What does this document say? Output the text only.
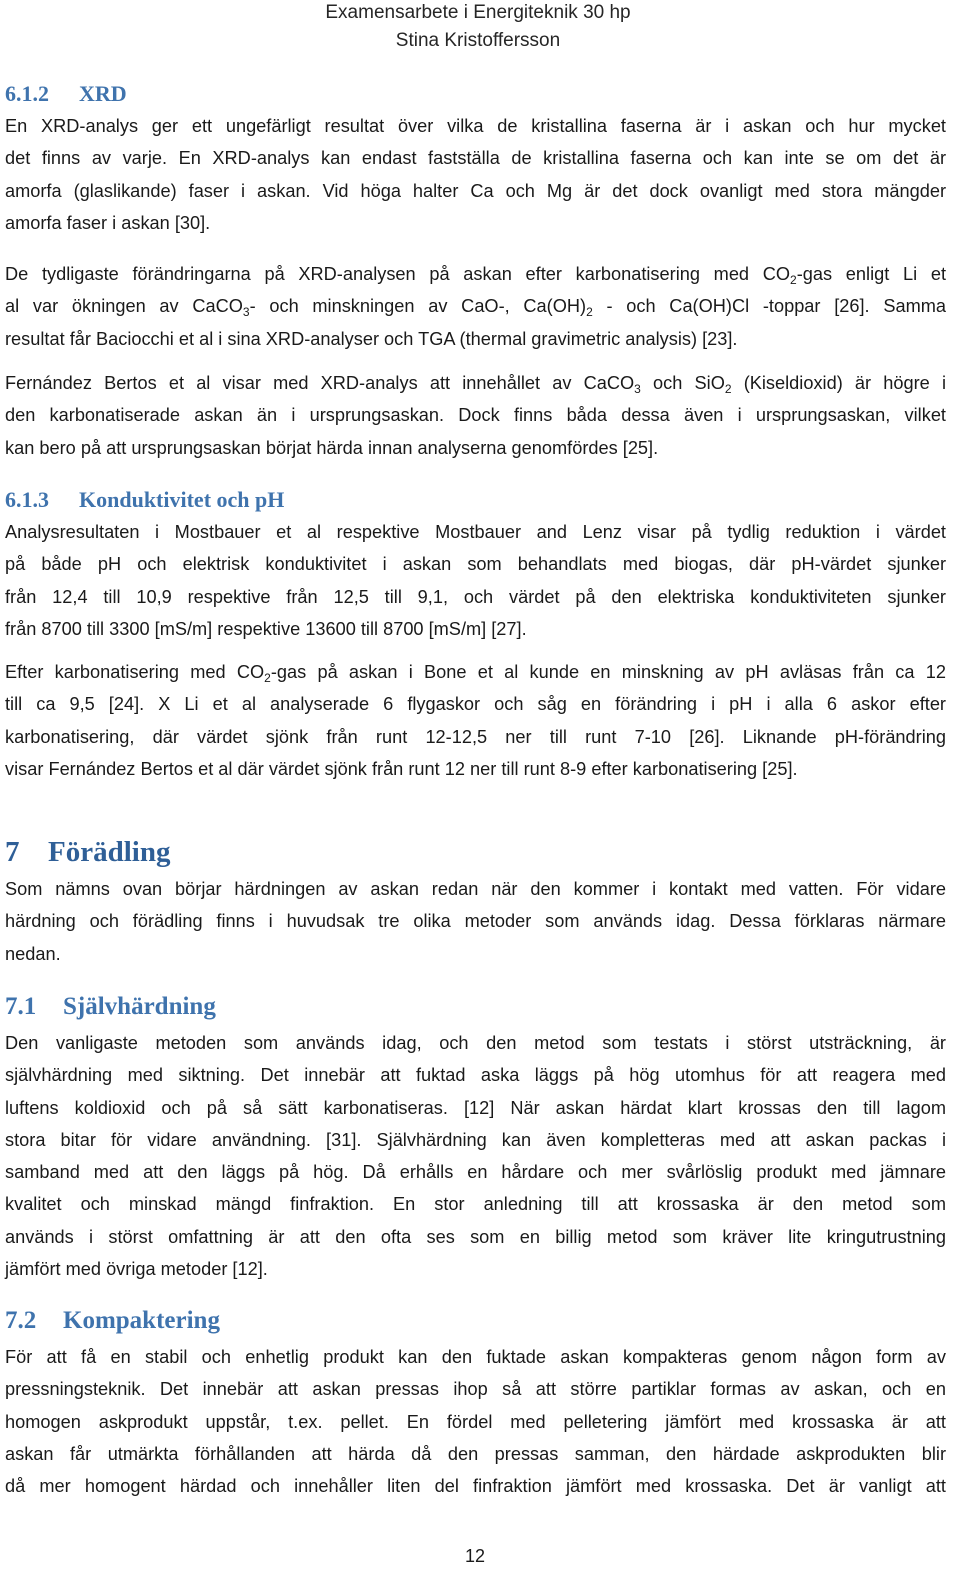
Examensarbete i Energiteknik 30 hp
Stina Kristoffersson
6.1.2 XRD
En XRD-analys ger ett ungefärligt resultat över vilka de kristallina faserna är i askan och hur mycket
det finns av varje. En XRD-analys kan endast fastställa de kristallina faserna och kan inte se om det är
amorfa (glaslikande) faser i askan. Vid höga halter Ca och Mg är det dock ovanligt med stora mängder
amorfa faser i askan [30].
De tydligaste förändringarna på XRD-analysen på askan efter karbonatisering med $CO_2$-gas enligt Li et
al var ökningen av CaCO$_3$- och minskningen av CaO-, $Ca(OH)_2$ - och Ca(OH)Cl -toppar [26]. Samma
resultat får Baciocchi et al i sina XRD-analyser och TGA (thermal gravimetric analysis) [23].
Fernández Bertos et al visar med XRD-analys att innehållet av CaCO$_3$ och SiO$_2$ (Kiseldioxid) är högre i
den karbonatiserade askan än i ursprungsaskan. Dock finns båda dessa även i ursprungsaskan, vilket
kan bero på att ursprungsaskan börjat härda innan analyserna genomfördes [25].
6.1.3 Konduktivitet och pH
Analysresultaten i Mostbauer et al respektive Mostbauer and Lenz visar på tydlig reduktion i värdet
på både pH och elektrisk konduktivitet i askan som behandlats med biogas, där pH-värdet sjunker
från 12,4 till 10,9 respektive från 12,5 till 9,1, och värdet på den elektriska konduktiviteten sjunker
från 8700 till 3300 [mS/m] respektive 13600 till 8700 [mS/m] [27].
Efter karbonatisering med $CO_2$-gas på askan i Bone et al kunde en minskning av pH avläsas från ca 12
till ca 9,5 [24]. X Li et al analyserade 6 flygaskor och såg en förändring i pH i alla 6 askor efter
karbonatisering, där värdet sjönk från runt 12-12,5 ner till runt 7-10 [26]. Liknande pH-förändring
visar Fernández Bertos et al där värdet sjönk från runt 12 ner till runt 8-9 efter karbonatisering [25].
7 Förädling
Som nämns ovan börjar härdningen av askan redan när den kommer i kontakt med vatten. För vidare
härdning och förädling finns i huvudsak tre olika metoder som används idag. Dessa förklaras närmare
nedan.
7.1 Självhärdning
Den vanligaste metoden som används idag, och den metod som testats i störst utsträckning, är
självhärdning med siktning. Det innebär att fuktad aska läggs på hög utomhus för att reagera med
luftens koldioxid och på så sätt karbonatiseras. [12] När askan härdat klart krossas den till lagom
stora bitar för vidare användning. [31]. Självhärdning kan även kompletteras med att askan packas i
samband med att den läggs på hög. Då erhålls en hårdare och mer svårlöslig produkt med jämnare
kvalitet och minskad mängd finfraktion. En stor anledning till att krossaska är den metod som
används i störst omfattning är att den ofta ses som en billig metod som kräver lite kringutrustning
jämfört med övriga metoder [12].
7.2 Kompaktering
För att få en stabil och enhetlig produkt kan den fuktade askan kompakteras genom någon form av
pressningsteknik. Det innebär att askan pressas ihop så att större partiklar formas av askan, och en
homogen askprodukt uppstår, t.ex. pellet. En fördel med pelletering jämfört med krossaska är att
askan får utmärkta förhållanden att härda då den pressas samman, den härdade askprodukten blir
då mer homogent härdad och innehåller liten del finfraktion jämfört med krossaska. Det är vanligt att
12
